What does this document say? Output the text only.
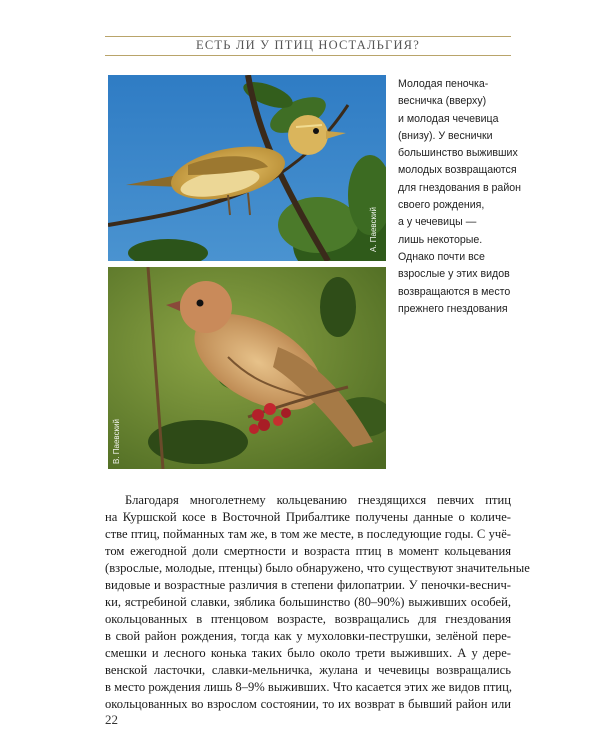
ЕСТЬ ЛИ У ПТИЦ НОСТАЛЬГИЯ?
А. Паевский
В. Паевский
Молодая пеночка-
весничка (вверху)
и молодая чечевица
(внизу). У веснички
большинство выживших
молодых возвращаются
для гнездования в район
своего рождения,
а у чечевицы —
лишь некоторые.
Однако почти все
взрослые у этих видов
возвращаются в место
прежнего гнездования
Благодаря многолетнему кольцеванию гнездящихся певчих птиц
на Куршской косе в Восточной Прибалтике получены данные о количе-
стве птиц, пойманных там же, в том же месте, в последующие годы. С учё-
том ежегодной доли смертности и возраста птиц в момент кольцевания
(взрослые, молодые, птенцы) было обнаружено, что существуют значительные
видовые и возрастные различия в степени филопатрии. У пеночки-веснич-
ки, ястребиной славки, зяблика большинство (80–90%) выживших особей,
окольцованных в птенцовом возрасте, возвращались для гнездования
в свой район рождения, тогда как у мухоловки-пеструшки, зелёной пере-
смешки и лесного конька таких было около трети выживших. А у дере-
венской ласточки, славки-мельничка, жулана и чечевицы возвращались
в место рождения лишь 8–9% выживших. Что касается этих же видов птиц,
окольцованных во взрослом состоянии, то их возврат в бывший район или
22
